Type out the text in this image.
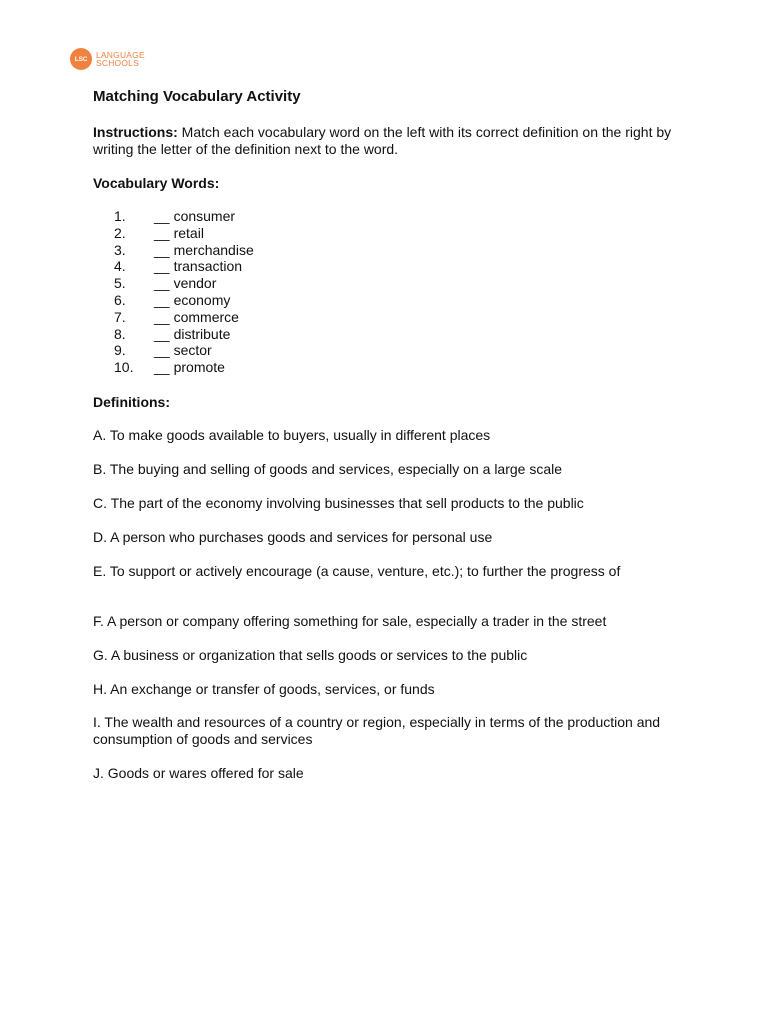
LSC	LANGUAGE
SCHOOLS
Matching Vocabulary Activity
Instructions: Match each vocabulary word on the left with its correct definition on the right by writing the letter of the definition next to the word.
Vocabulary Words:
1.	__ consumer
2.	__ retail
3.	__ merchandise
4.	__ transaction
5.	__ vendor
6.	__ economy
7.	__ commerce
8.	__ distribute
9.	__ sector
10.	__ promote
Definitions:
A. To make goods available to buyers, usually in different places
B. The buying and selling of goods and services, especially on a large scale
C. The part of the economy involving businesses that sell products to the public
D. A person who purchases goods and services for personal use
E. To support or actively encourage (a cause, venture, etc.); to further the progress of
F. A person or company offering something for sale, especially a trader in the street
G. A business or organization that sells goods or services to the public
H. An exchange or transfer of goods, services, or funds
I. The wealth and resources of a country or region, especially in terms of the production and consumption of goods and services
J. Goods or wares offered for sale
